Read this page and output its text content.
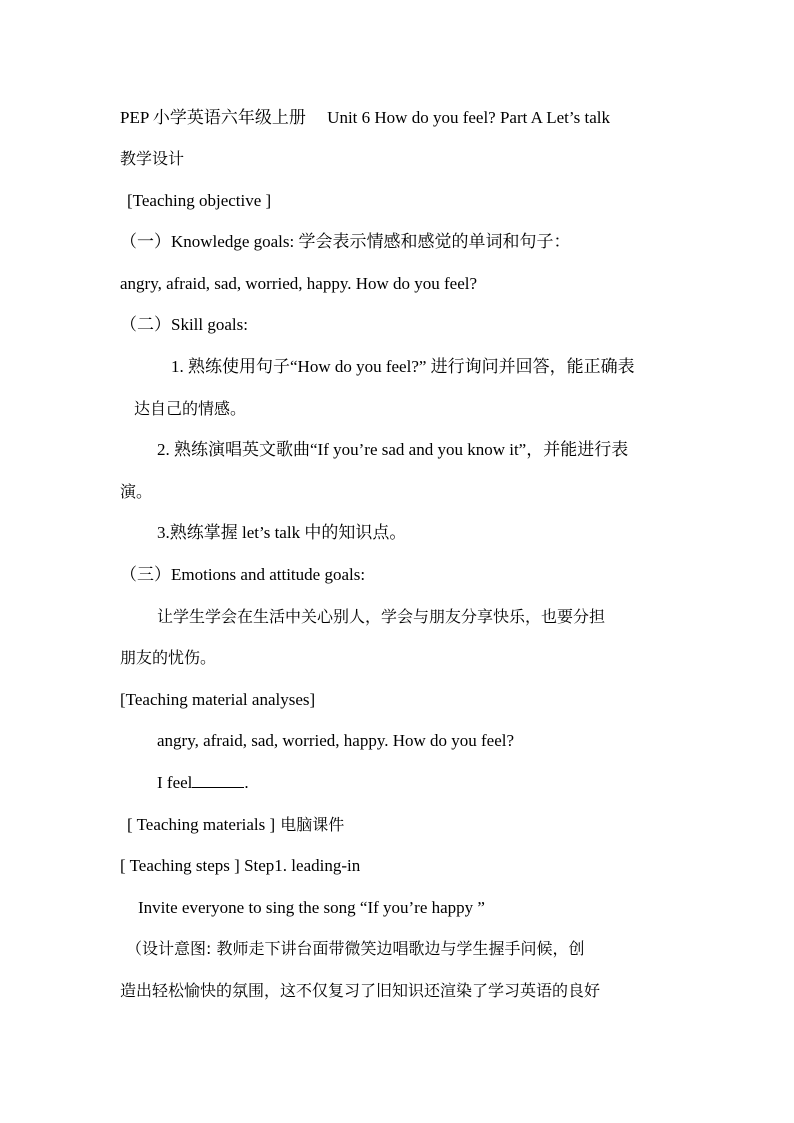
PEP 小学英语六年级上册　 Unit 6 How do you feel? Part A Let’s talk
教学设计
[Teaching objective ]
（一）Knowledge goals: 学会表示情感和感觉的单词和句子：
angry, afraid, sad, worried, happy. How do you feel?
（二）Skill goals:
1. 熟练使用句子“How do you feel?” 进行询问并回答，能正确表
达自己的情感。
2. 熟练演唱英文歌曲“If you’re sad and you know it”，并能进行表
演。
3.熟练掌握 let’s talk 中的知识点。
（三）Emotions and attitude goals:
让学生学会在生活中关心别人，学会与朋友分享快乐，也要分担
朋友的忧伤。
[Teaching material analyses]
angry, afraid, sad, worried, happy. How do you feel?
I feel	.
[ Teaching materials ] 电脑课件
[ Teaching steps ] Step1. leading-in
Invite everyone to sing the song “If you’re happy ”
（设计意图: 教师走下讲台面带微笑边唱歌边与学生握手问候，创
造出轻松愉快的氛围，这不仅复习了旧知识还渲染了学习英语的良好
